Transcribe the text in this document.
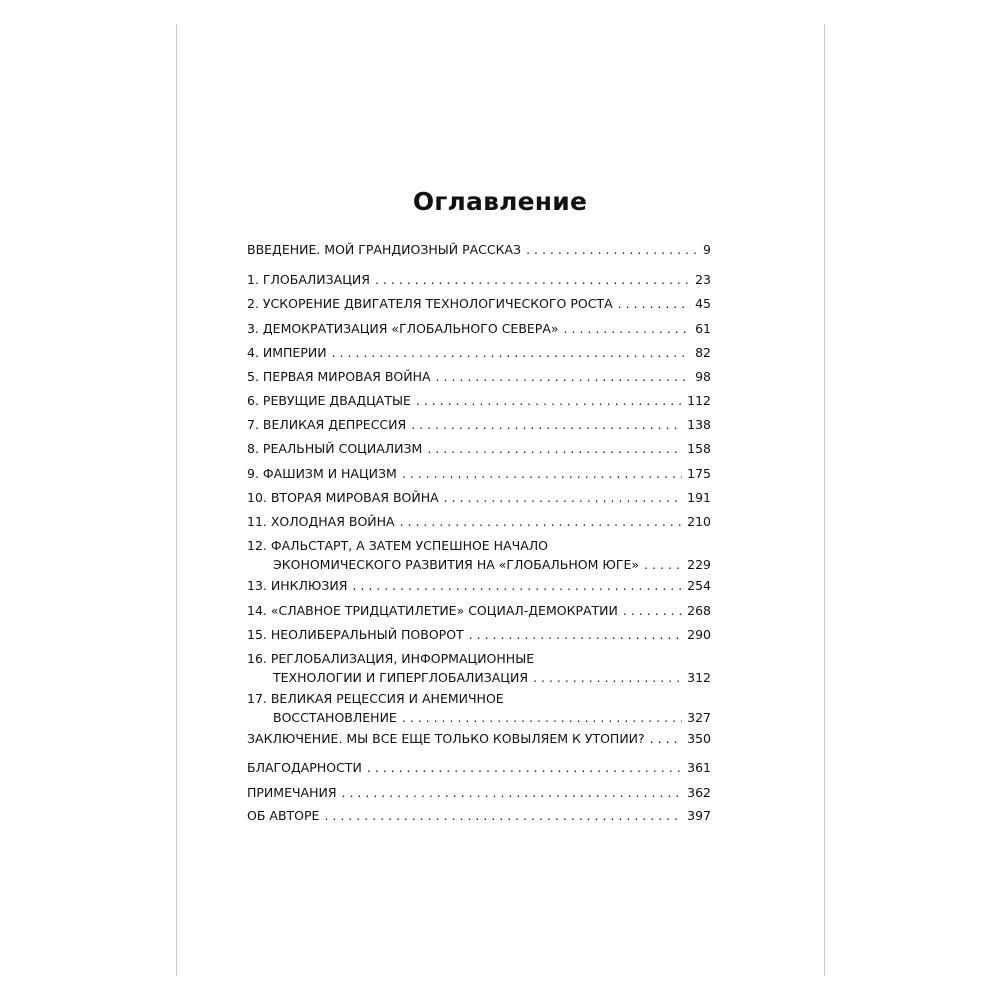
Оглавление
ВВЕДЕНИЕ. МОЙ ГРАНДИОЗНЫЙ РАССКАЗ . . .	9
1. ГЛОБАЛИЗАЦИЯ . . .	23
2. УСКОРЕНИЕ ДВИГАТЕЛЯ ТЕХНОЛОГИЧЕСКОГО РОСТА . . .	45
3. ДЕМОКРАТИЗАЦИЯ «ГЛОБАЛЬНОГО СЕВЕРА» . . .	61
4. ИМПЕРИИ . . .	82
5. ПЕРВАЯ МИРОВАЯ ВОЙНА . . .	98
6. РЕВУЩИЕ ДВАДЦАТЫЕ . . .	112
7. ВЕЛИКАЯ ДЕПРЕССИЯ . . .	138
8. РЕАЛЬНЫЙ СОЦИАЛИЗМ . . .	158
9. ФАШИЗМ И НАЦИЗМ . . .	175
10. ВТОРАЯ МИРОВАЯ ВОЙНА . . .	191
11. ХОЛОДНАЯ ВОЙНА . . .	210
12. ФАЛЬСТАРТ, А ЗАТЕМ УСПЕШНОЕ НАЧАЛО
ЭКОНОМИЧЕСКОГО РАЗВИТИЯ НА «ГЛОБАЛЬНОМ ЮГЕ» . . .	229
13. ИНКЛЮЗИЯ . . .	254
14. «СЛАВНОЕ ТРИДЦАТИЛЕТИЕ» СОЦИАЛ-ДЕМОКРАТИИ . . .	268
15. НЕОЛИБЕРАЛЬНЫЙ ПОВОРОТ . . .	290
16. РЕГЛОБАЛИЗАЦИЯ, ИНФОРМАЦИОННЫЕ
ТЕХНОЛОГИИ И ГИПЕРГЛОБАЛИЗАЦИЯ . . .	312
17. ВЕЛИКАЯ РЕЦЕССИЯ И АНЕМИЧНОЕ
ВОССТАНОВЛЕНИЕ . . .	327
ЗАКЛЮЧЕНИЕ. МЫ ВСЕ ЕЩЕ ТОЛЬКО КОВЫЛЯЕМ К УТОПИИ? . . .	350
БЛАГОДАРНОСТИ . . .	361
ПРИМЕЧАНИЯ . . .	362
ОБ АВТОРЕ . . .	397
